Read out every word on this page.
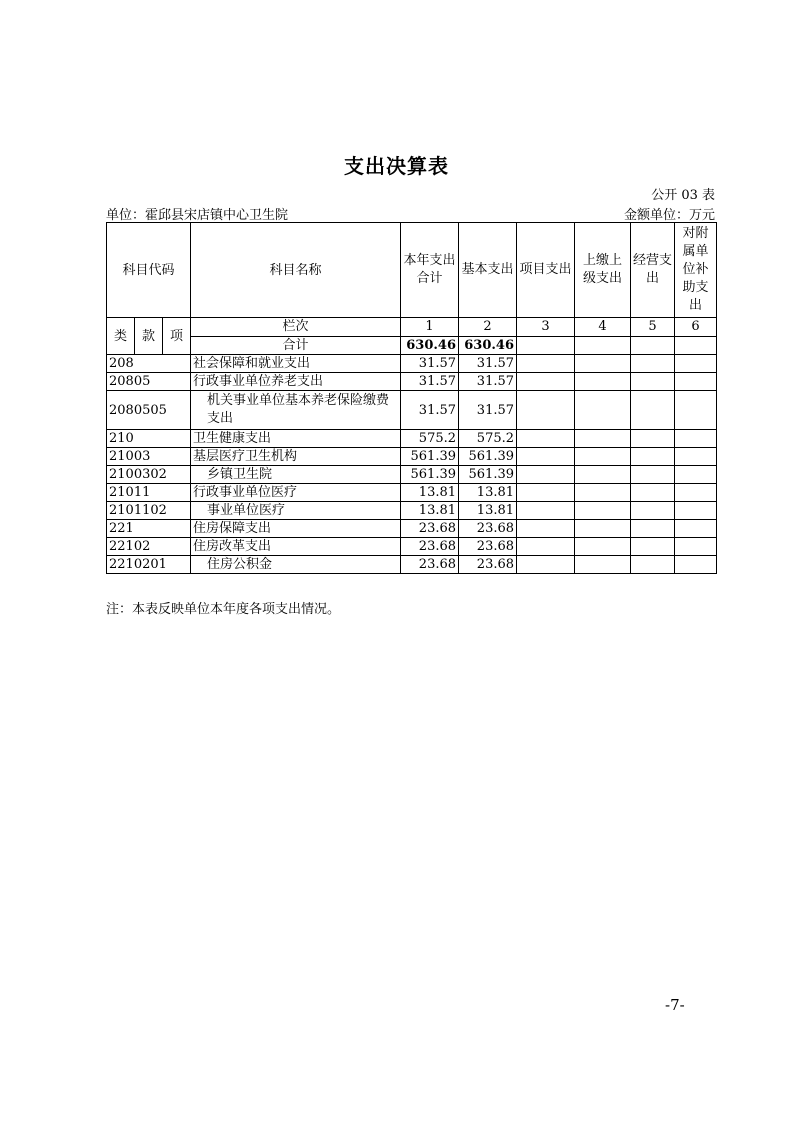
支出决算表
公开 03 表
单位：霍邱县宋店镇中心卫生院	金额单位：万元
科目代码			科目名称	本年支出合计	基本支出	项目支出	上缴上级支出	经营支出	对附属单位补助支出
类	款	项	栏次	1	2	3	4	5	6
			合计	630.46	630.46				
208			社会保障和就业支出	31.57	31.57				
20805			行政事业单位养老支出	31.57	31.57				
2080505			机关事业单位基本养老保险缴费支出	31.57	31.57				
210			卫生健康支出	575.2	575.2				
21003			基层医疗卫生机构	561.39	561.39				
2100302			乡镇卫生院	561.39	561.39				
21011			行政事业单位医疗	13.81	13.81				
2101102			事业单位医疗	13.81	13.81				
221			住房保障支出	23.68	23.68				
22102			住房改革支出	23.68	23.68				
2210201			住房公积金	23.68	23.68				
注：本表反映单位本年度各项支出情况。
-7-
